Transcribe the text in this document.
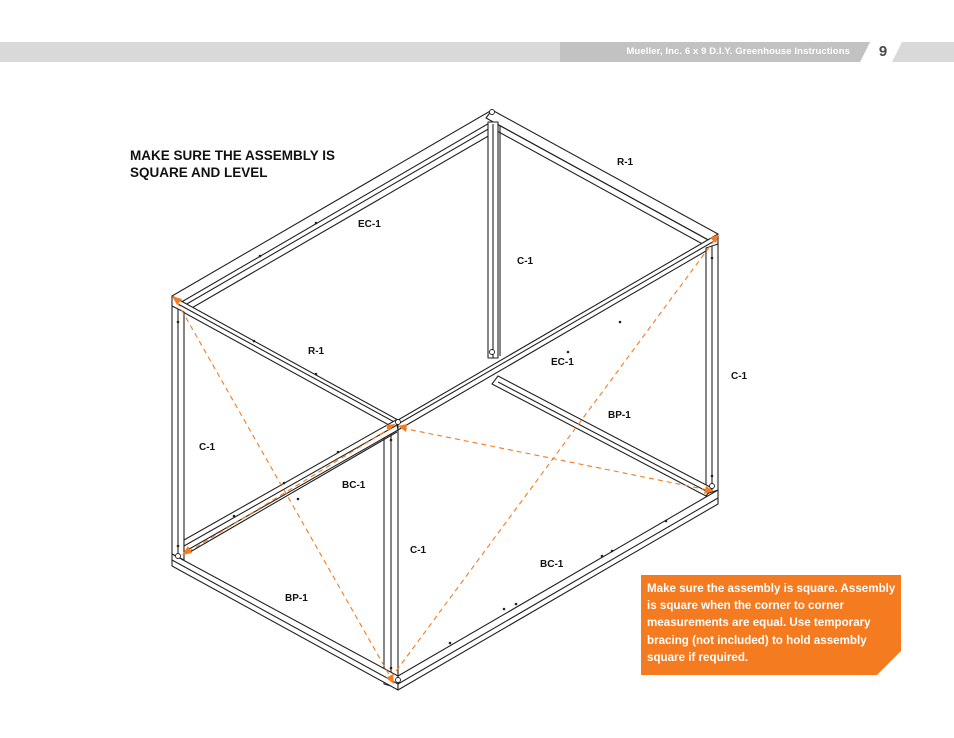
Mueller, Inc. 6 x 9 D.I.Y. Greenhouse Instructions	9
MAKE SURE THE ASSEMBLY IS SQUARE AND LEVEL
EC-1
R-1
C-1
R-1
EC-1
C-1
BP-1
C-1
BC-1
C-1
BC-1
BP-1
Make sure the assembly is square. Assembly is square when the corner to corner measurements are equal. Use temporary bracing (not included) to hold assembly square if required.
